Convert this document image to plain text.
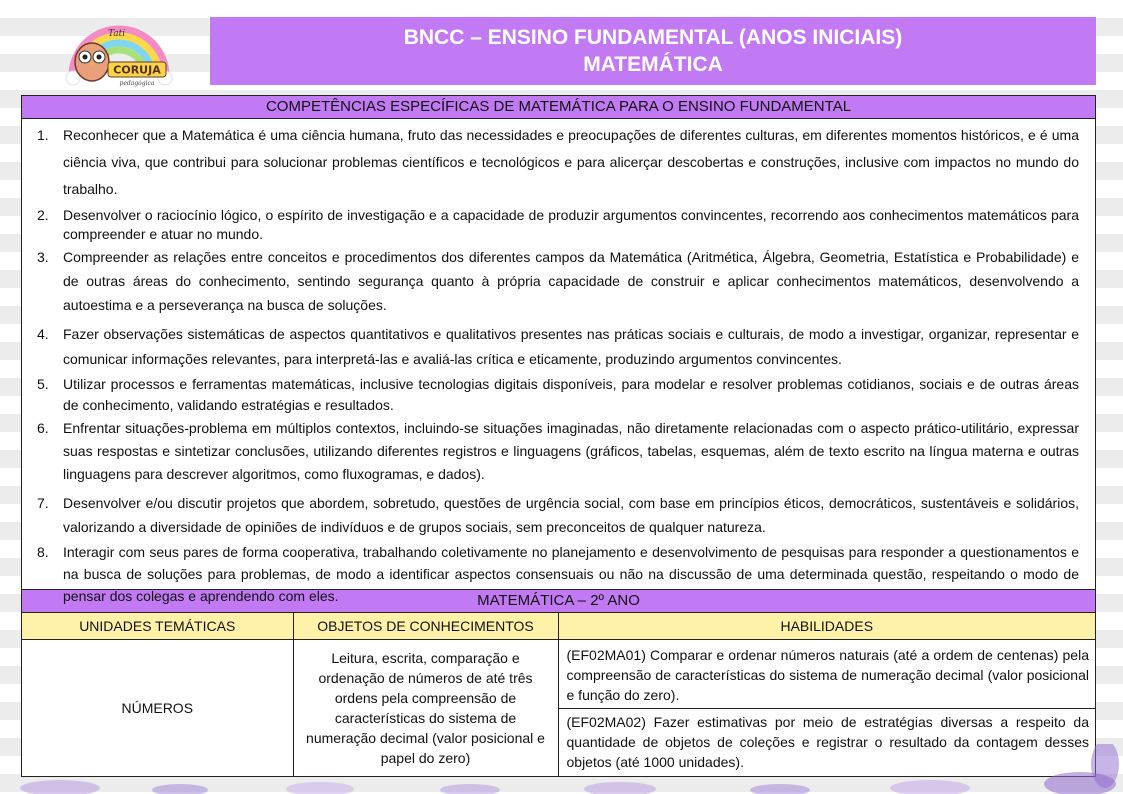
Tati
CORUJA
pedagógica
BNCC – ENSINO FUNDAMENTAL (ANOS INICIAIS)
MATEMÁTICA
COMPETÊNCIAS ESPECÍFICAS DE MATEMÁTICA PARA O ENSINO FUNDAMENTAL
1.	Reconhecer que a Matemática é uma ciência humana, fruto das necessidades e preocupações de diferentes culturas, em diferentes momentos históricos, e é uma ciência viva, que contribui para solucionar problemas científicos e tecnológicos e para alicerçar descobertas e construções, inclusive com impactos no mundo do trabalho.
2.	Desenvolver o raciocínio lógico, o espírito de investigação e a capacidade de produzir argumentos convincentes, recorrendo aos conhecimentos matemáticos para compreender e atuar no mundo.
3.	Compreender as relações entre conceitos e procedimentos dos diferentes campos da Matemática (Aritmética, Álgebra, Geometria, Estatística e Probabilidade) e de outras áreas do conhecimento, sentindo segurança quanto à própria capacidade de construir e aplicar conhecimentos matemáticos, desenvolvendo a autoestima e a perseverança na busca de soluções.
4.	Fazer observações sistemáticas de aspectos quantitativos e qualitativos presentes nas práticas sociais e culturais, de modo a investigar, organizar, representar e comunicar informações relevantes, para interpretá-las e avaliá-las crítica e eticamente, produzindo argumentos convincentes.
5.	Utilizar processos e ferramentas matemáticas, inclusive tecnologias digitais disponíveis, para modelar e resolver problemas cotidianos, sociais e de outras áreas de conhecimento, validando estratégias e resultados.
6.	Enfrentar situações-problema em múltiplos contextos, incluindo-se situações imaginadas, não diretamente relacionadas com o aspecto prático-utilitário, expressar suas respostas e sintetizar conclusões, utilizando diferentes registros e linguagens (gráficos, tabelas, esquemas, além de texto escrito na língua materna e outras linguagens para descrever algoritmos, como fluxogramas, e dados).
7.	Desenvolver e/ou discutir projetos que abordem, sobretudo, questões de urgência social, com base em princípios éticos, democráticos, sustentáveis e solidários, valorizando a diversidade de opiniões de indivíduos e de grupos sociais, sem preconceitos de qualquer natureza.
8.	Interagir com seus pares de forma cooperativa, trabalhando coletivamente no planejamento e desenvolvimento de pesquisas para responder a questionamentos e na busca de soluções para problemas, de modo a identificar aspectos consensuais ou não na discussão de uma determinada questão, respeitando o modo de pensar dos colegas e aprendendo com eles.	MATEMÁTICA – 2º ANO
UNIDADES TEMÁTICAS	OBJETOS DE CONHECIMENTOS	HABILIDADES
NÚMEROS	Leitura, escrita, comparação e ordenação de números de até três ordens pela compreensão de características do sistema de numeração decimal (valor posicional e papel do zero)	(EF02MA01) Comparar e ordenar números naturais (até a ordem de centenas) pela compreensão de características do sistema de numeração decimal (valor posicional e função do zero).
(EF02MA02) Fazer estimativas por meio de estratégias diversas a respeito da quantidade de objetos de coleções e registrar o resultado da contagem desses objetos (até 1000 unidades).
